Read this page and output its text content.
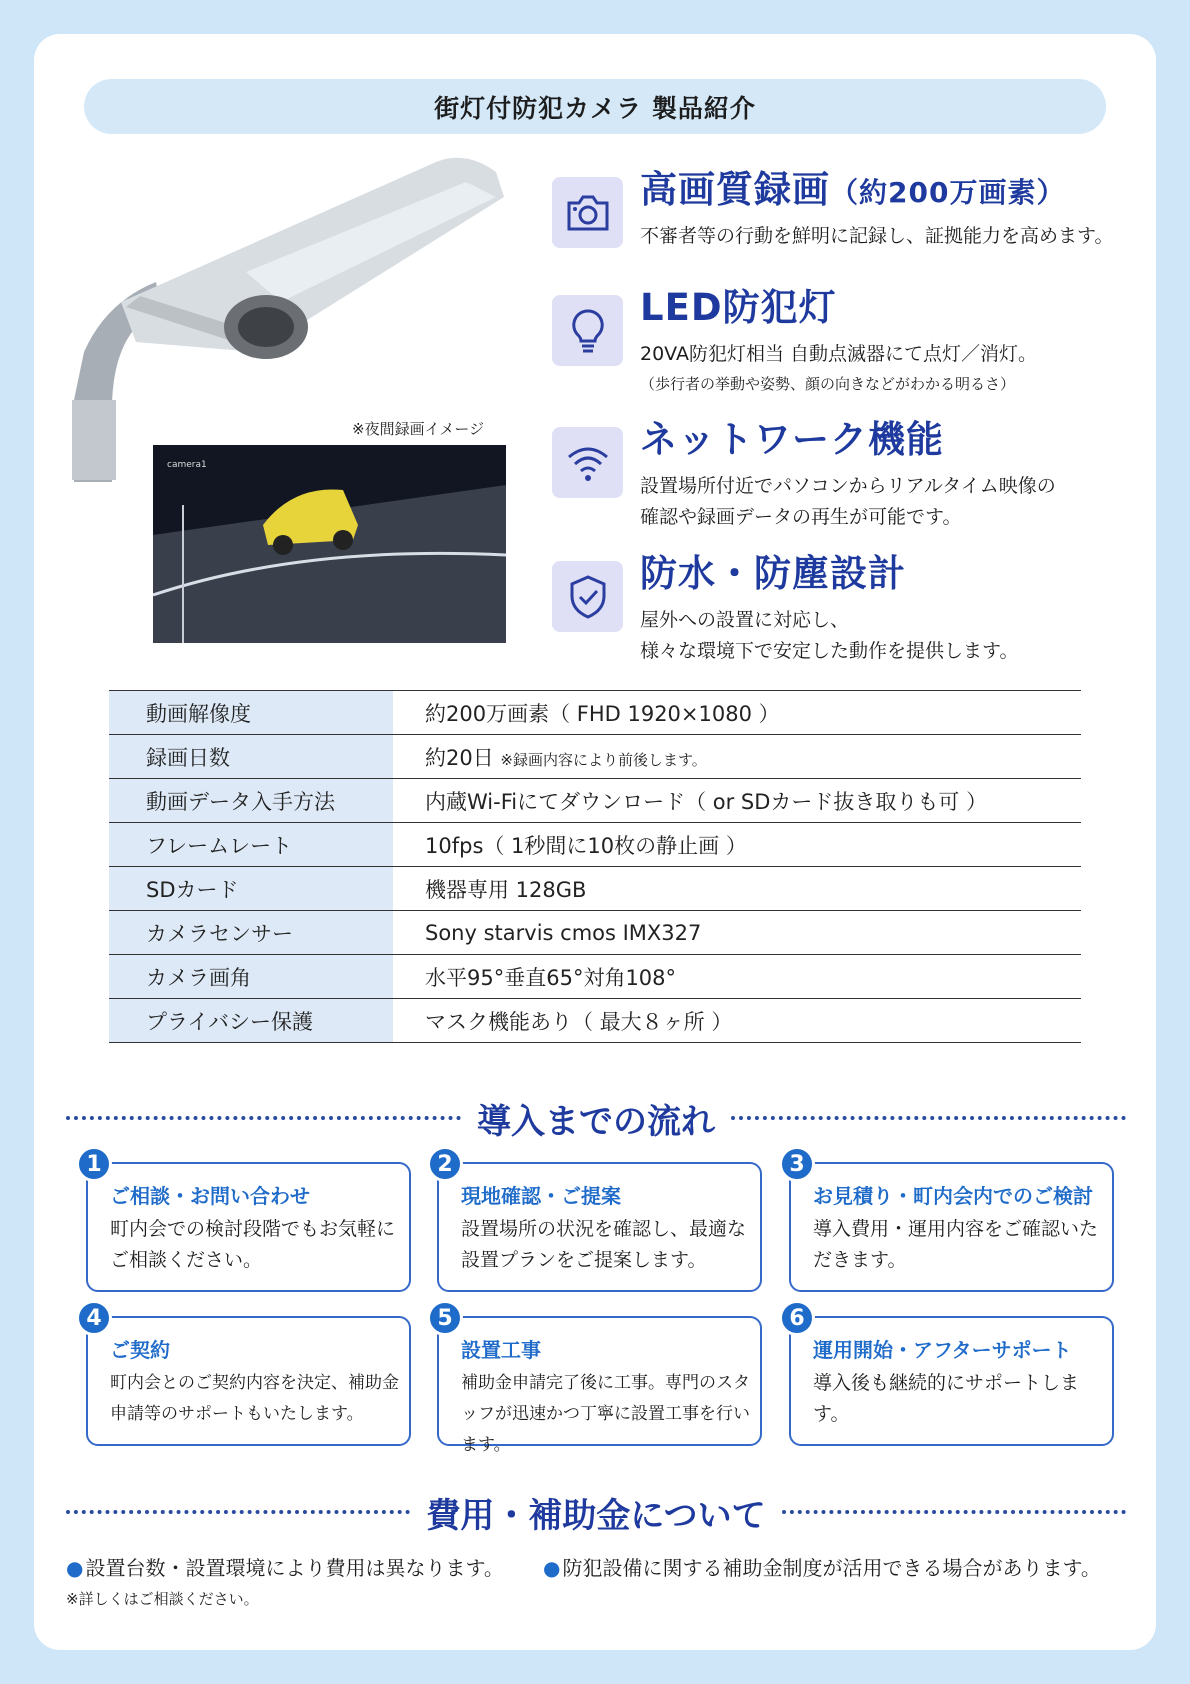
街灯付防犯カメラ 製品紹介
※夜間録画イメージ
camera1
高画質録画（約200万画素）
不審者等の行動を鮮明に記録し、証拠能力を高めます。
LED防犯灯
20VA防犯灯相当 自動点滅器にて点灯／消灯。
（歩行者の挙動や姿勢、顔の向きなどがわかる明るさ）
ネットワーク機能
設置場所付近でパソコンからリアルタイム映像の
確認や録画データの再生が可能です。
防水・防塵設計
屋外への設置に対応し、
様々な環境下で安定した動作を提供します。
動画解像度	約200万画素（ FHD 1920×1080 ）
録画日数	約20日 ※録画内容により前後します。
動画データ入手方法	内蔵Wi-Fiにてダウンロード（ or SDカード抜き取りも可 ）
フレームレート	10fps（ 1秒間に10枚の静止画 ）
SDカード	機器専用 128GB
カメラセンサー	Sony starvis cmos IMX327
カメラ画角	水平95°垂直65°対角108°
プライバシー保護	マスク機能あり（ 最大８ヶ所 ）
導入までの流れ
1
ご相談・お問い合わせ
町内会での検討段階でもお気軽にご相談ください。
2
現地確認・ご提案
設置場所の状況を確認し、最適な設置プランをご提案します。
3
お見積り・町内会内でのご検討
導入費用・運用内容をご確認いただきます。
4
ご契約
町内会とのご契約内容を決定、補助金申請等のサポートもいたします。
5
設置工事
補助金申請完了後に工事。専門のスタッフが迅速かつ丁寧に設置工事を行います。
6
運用開始・アフターサポート
導入後も継続的にサポートします。
費用・補助金について
● 設置台数・設置環境により費用は異なります。 ● 防犯設備に関する補助金制度が活用できる場合があります。
※詳しくはご相談ください。
